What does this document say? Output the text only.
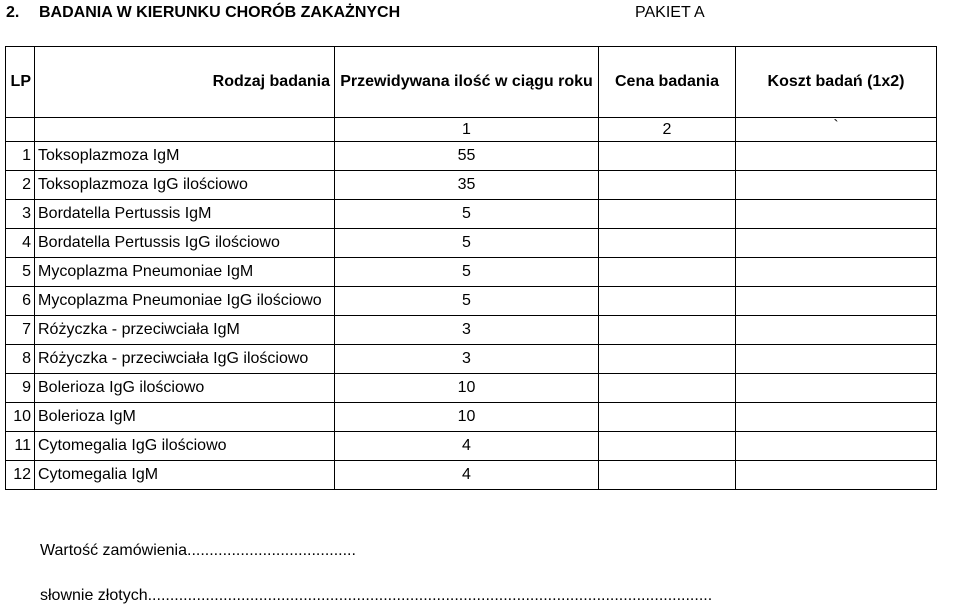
2. BADANIA W KIERUNKU CHORÓB ZAKAŻNYCH	PAKIET A
LP	Rodzaj badania	Przewidywana ilość w ciągu roku	Cena badania	Koszt badań (1x2)
		1	2	`
1	Toksoplazmoza IgM	55		
2	Toksoplazmoza IgG ilościowo	35		
3	Bordatella Pertussis IgM	5		
4	Bordatella Pertussis IgG ilościowo	5		
5	Mycoplazma Pneumoniae IgM	5		
6	Mycoplazma Pneumoniae IgG ilościowo	5		
7	Różyczka - przeciwciała IgM	3		
8	Różyczka - przeciwciała IgG ilościowo	3		
9	Bolerioza IgG ilościowo	10		
10	Bolerioza IgM	10		
11	Cytomegalia IgG ilościowo	4		
12	Cytomegalia IgM	4		
Wartość zamówienia......................................
słownie złotych...............................................................................................................................
